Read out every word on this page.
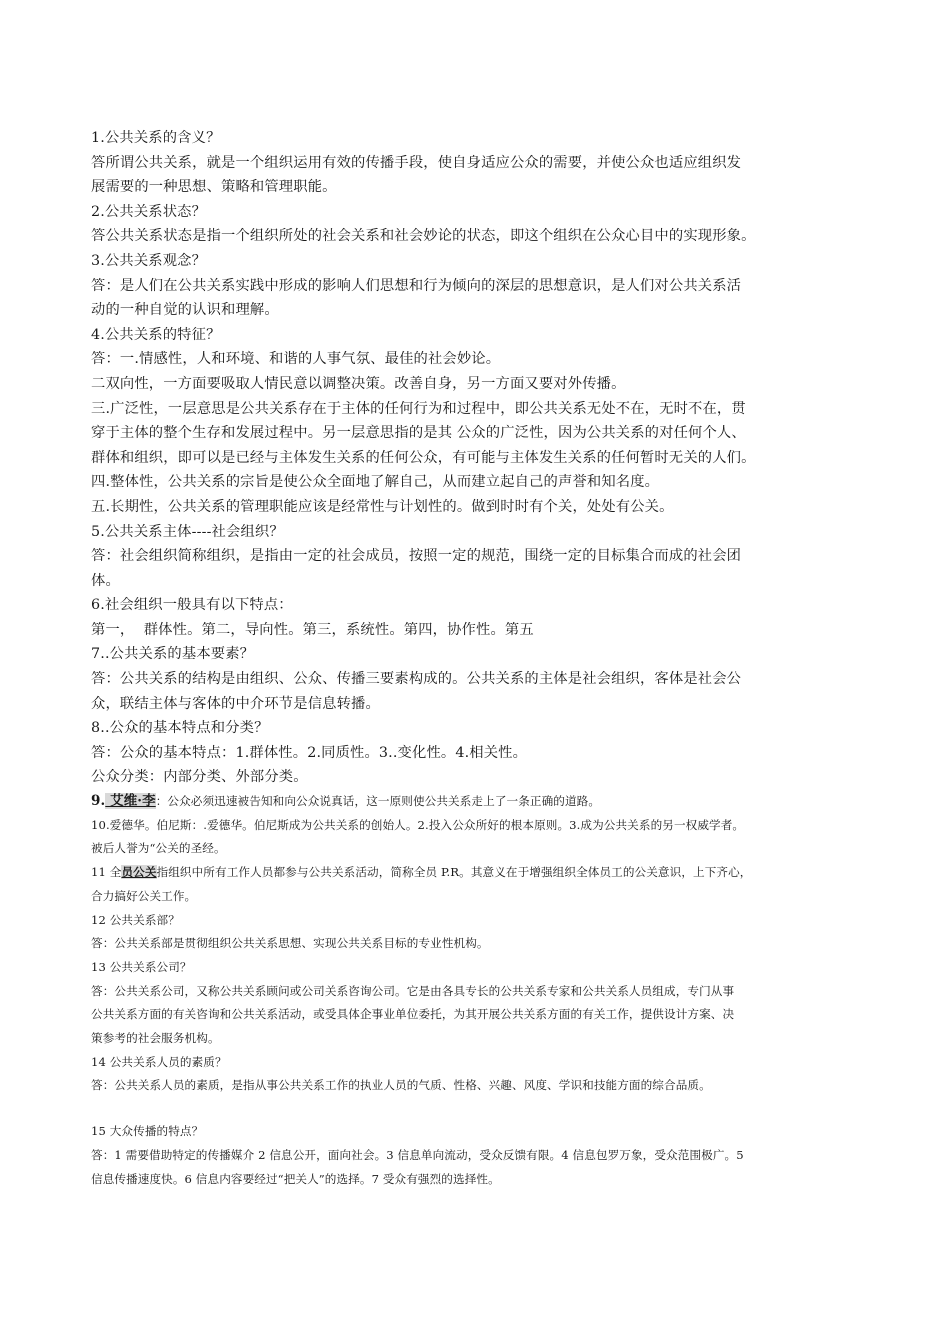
1.公共关系的含义？

答所谓公共关系，就是一个组织运用有效的传播手段，使自身适应公众的需要，并使公众也适应组织发

展需要的一种思想、策略和管理职能。

2.公共关系状态？

答公共关系状态是指一个组织所处的社会关系和社会妙论的状态，即这个组织在公众心目中的实现形象。

3.公共关系观念？

答：是人们在公共关系实践中形成的影响人们思想和行为倾向的深层的思想意识，是人们对公共关系活

动的一种自觉的认识和理解。

4.公共关系的特征？

答：一.情感性，人和环境、和谐的人事气氛、最佳的社会妙论。

二双向性，一方面要吸取人情民意以调整决策。改善自身，另一方面又要对外传播。

三.广泛性，一层意思是公共关系存在于主体的任何行为和过程中，即公共关系无处不在，无时不在，贯

穿于主体的整个生存和发展过程中。另一层意思指的是其 公众的广泛性，因为公共关系的对任何个人、

群体和组织，即可以是已经与主体发生关系的任何公众，有可能与主体发生关系的任何暂时无关的人们。

四.整体性，公共关系的宗旨是使公众全面地了解自己，从而建立起自己的声誉和知名度。

五.长期性，公共关系的管理职能应该是经常性与计划性的。做到时时有个关，处处有公关。

5.公共关系主体----社会组织？

答：社会组织简称组织，是指由一定的社会成员，按照一定的规范，围绕一定的目标集合而成的社会团

体。

6.社会组织一般具有以下特点：

第一，  群体性。第二，导向性。第三，系统性。第四，协作性。第五

7..公共关系的基本要素？

答：公共关系的结构是由组织、公众、传播三要素构成的。公共关系的主体是社会组织，客体是社会公

众，联结主体与客体的中介环节是信息转播。

8..公众的基本特点和分类？

答：公众的基本特点：1.群体性。2.同质性。3..变化性。4.相关性。

公众分类：内部分类、外部分类。

9. 艾维·李：公众必须迅速被告知和向公众说真话，这一原则使公共关系走上了一条正确的道路。

10.爱德华。伯尼斯：.爱德华。伯尼斯成为公共关系的创始人。2.投入公众所好的根本原则。3.成为公共关系的另一权威学者。

被后人誉为“公关的圣经。

11 全员公关指组织中所有工作人员都参与公共关系活动，简称全员 P.R。其意义在于增强组织全体员工的公关意识，上下齐心，

合力搞好公关工作。

12 公共关系部？

答：公共关系部是贯彻组织公共关系思想、实现公共关系目标的专业性机构。

13 公共关系公司？

答：公共关系公司，又称公共关系顾问或公司关系咨询公司。它是由各具专长的公共关系专家和公共关系人员组成，专门从事

公共关系方面的有关咨询和公共关系活动，或受具体企事业单位委托，为其开展公共关系方面的有关工作，提供设计方案、决

策参考的社会服务机构。

14 公共关系人员的素质？

答：公共关系人员的素质，是指从事公共关系工作的执业人员的气质、性格、兴趣、风度、学识和技能方面的综合品质。

15 大众传播的特点？

答：1 需要借助特定的传播媒介 2 信息公开，面向社会。3 信息单向流动，受众反馈有限。4 信息包罗万象，受众范围极广。5

信息传播速度快。6 信息内容要经过“把关人”的选择。7 受众有强烈的选择性。
